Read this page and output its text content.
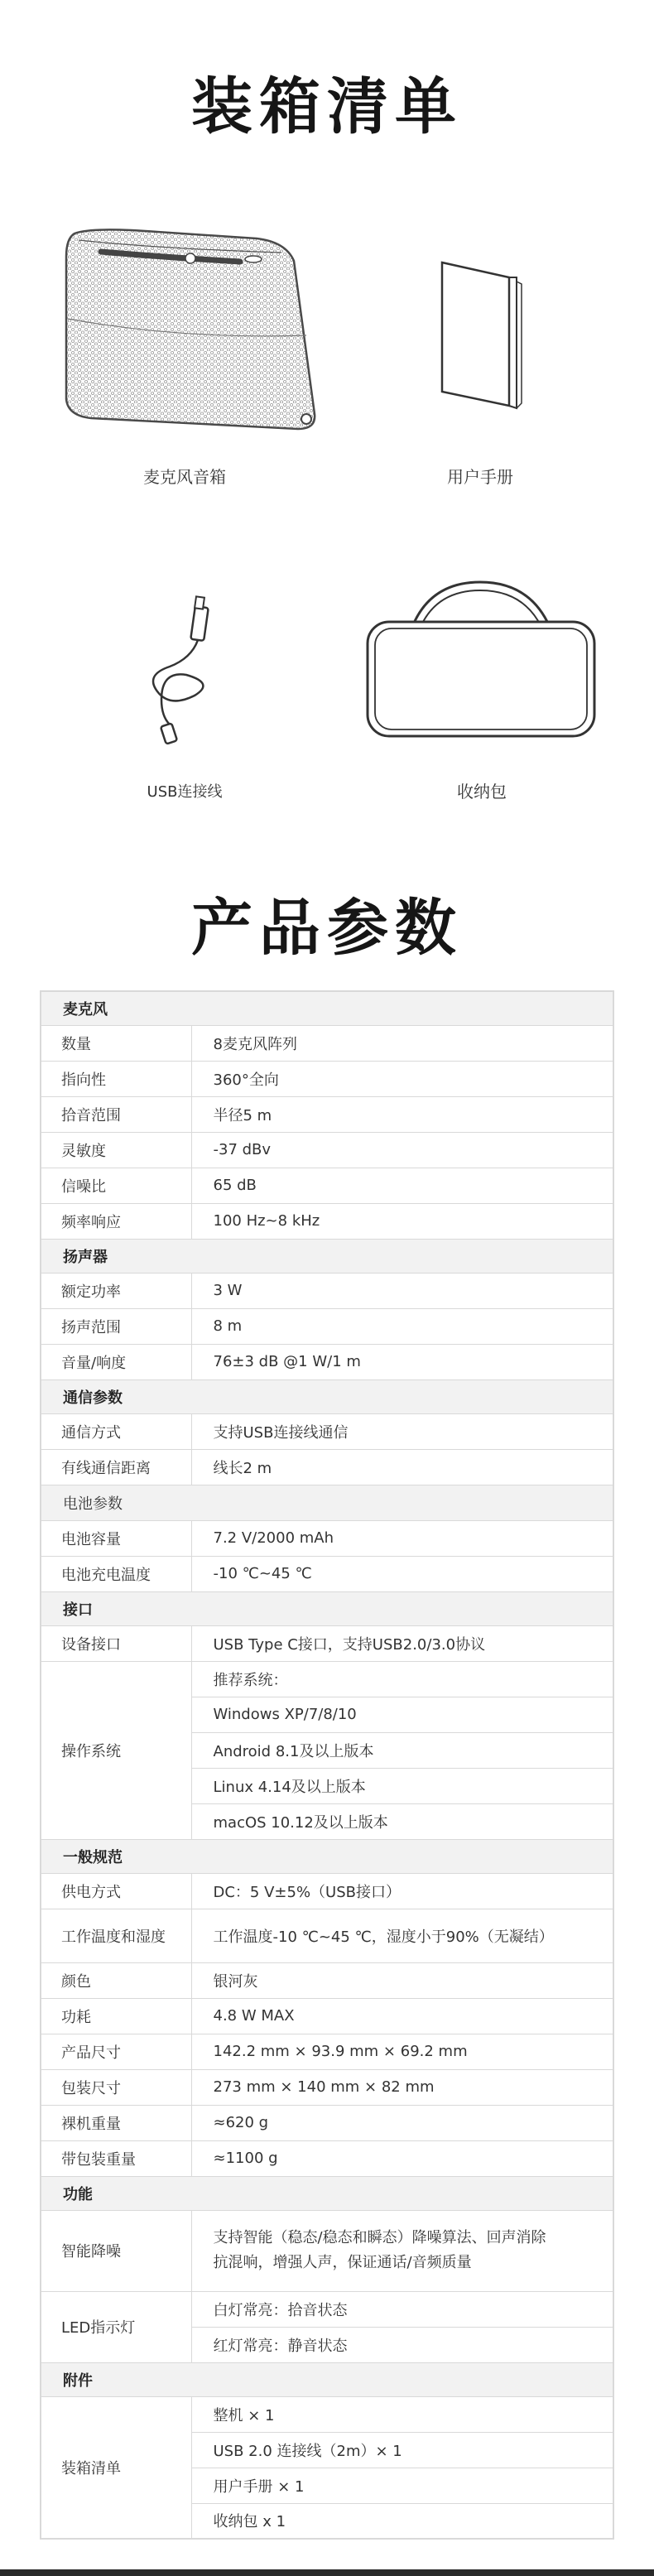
装箱清单
麦克风音箱	用户手册
USB连接线	收纳包
产品参数
麦克风	
数量	8麦克风阵列
指向性	360°全向
拾音范围	半径5 m
灵敏度	-37 dBv
信噪比	65 dB
频率响应	100 Hz~8 kHz
扬声器	
额定功率	3 W
扬声范围	8 m
音量/响度	76±3 dB @1 W/1 m
通信参数	
通信方式	支持USB连接线通信
有线通信距离	线长2 m
电池参数	
电池容量	7.2 V/2000 mAh
电池充电温度	-10 ℃~45 ℃
接口	
设备接口	USB Type C接口，支持USB2.0/3.0协议
操作系统	推荐系统：
	Windows XP/7/8/10
	Android 8.1及以上版本
	Linux 4.14及以上版本
	macOS 10.12及以上版本
一般规范	
供电方式	DC：5 V±5%（USB接口）
工作温度和湿度	工作温度-10 ℃~45 ℃，湿度小于90%（无凝结）
颜色	银河灰
功耗	4.8 W MAX
产品尺寸	142.2 mm × 93.9 mm × 69.2 mm
包装尺寸	273 mm × 140 mm × 82 mm
裸机重量	≈620 g
带包装重量	≈1100 g
功能	
智能降噪	支持智能（稳态/稳态和瞬态）降噪算法、回声消除
抗混响，增强人声，保证通话/音频质量

LED指示灯	白灯常亮：拾音状态
	红灯常亮：静音状态
附件	
装箱清单	整机 × 1
	USB 2.0 连接线（2m）× 1
	用户手册 × 1
	收纳包 x 1
